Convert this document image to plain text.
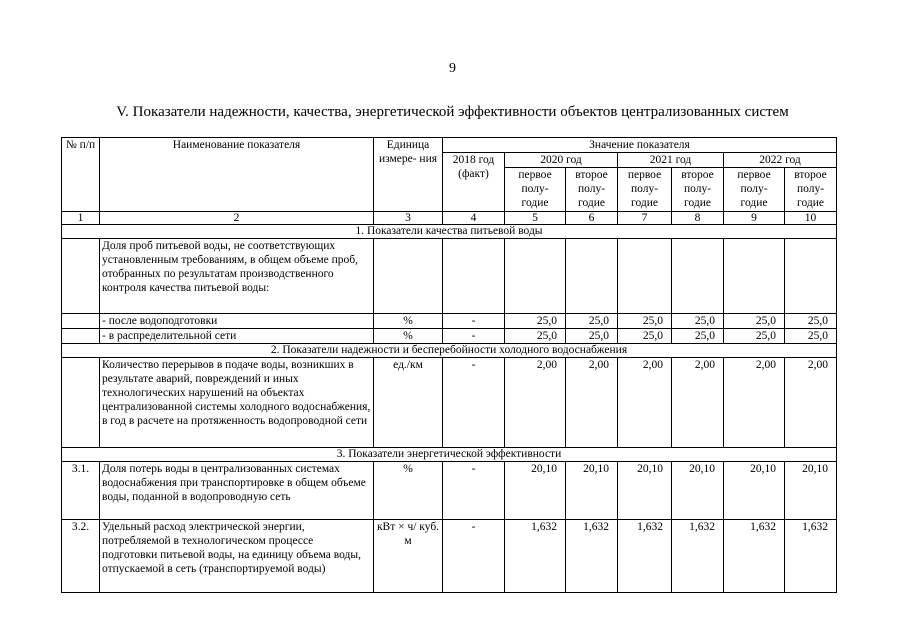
9
V. Показатели надежности, качества, энергетической эффективности объектов централизованных систем
№ п/п	Наименование показателя	Единица измере- ния	Значение показателя						
			2018 год (факт)	2020 год		2021 год		2022 год	
				первое полу- годие	второе полу- годие	первое полу- годие	второе полу- годие	первое полу- годие	второе полу- годие
1	2	3	4	5	6	7	8	9	10
1. Показатели качества питьевой воды									
	Доля проб питьевой воды, не соответствующих установленным требованиям, в общем объеме проб, отобранных по результатам производственного контроля качества питьевой воды:								
	- после водоподготовки	%	-	25,0	25,0	25,0	25,0	25,0	25,0
	- в распределительной сети	%	-	25,0	25,0	25,0	25,0	25,0	25,0
2. Показатели надежности и бесперебойности холодного водоснабжения									
	Количество перерывов в подаче воды, возникших в результате аварий, повреждений и иных технологических нарушений на объектах централизованной системы холодного водоснабжения, в год в расчете на протяженность водопроводной сети	ед./км	-	2,00	2,00	2,00	2,00	2,00	2,00
3. Показатели энергетической эффективности									
3.1.	Доля потерь воды в централизованных системах водоснабжения при транспортировке в общем объеме воды, поданной в водопроводную сеть	%	-	20,10	20,10	20,10	20,10	20,10	20,10
3.2.	Удельный расход электрической энергии, потребляемой в технологическом процессе подготовки питьевой воды, на единицу объема воды, отпускаемой в сеть (транспортируемой воды)	кВт × ч/ куб. м	-	1,632	1,632	1,632	1,632	1,632	1,632
